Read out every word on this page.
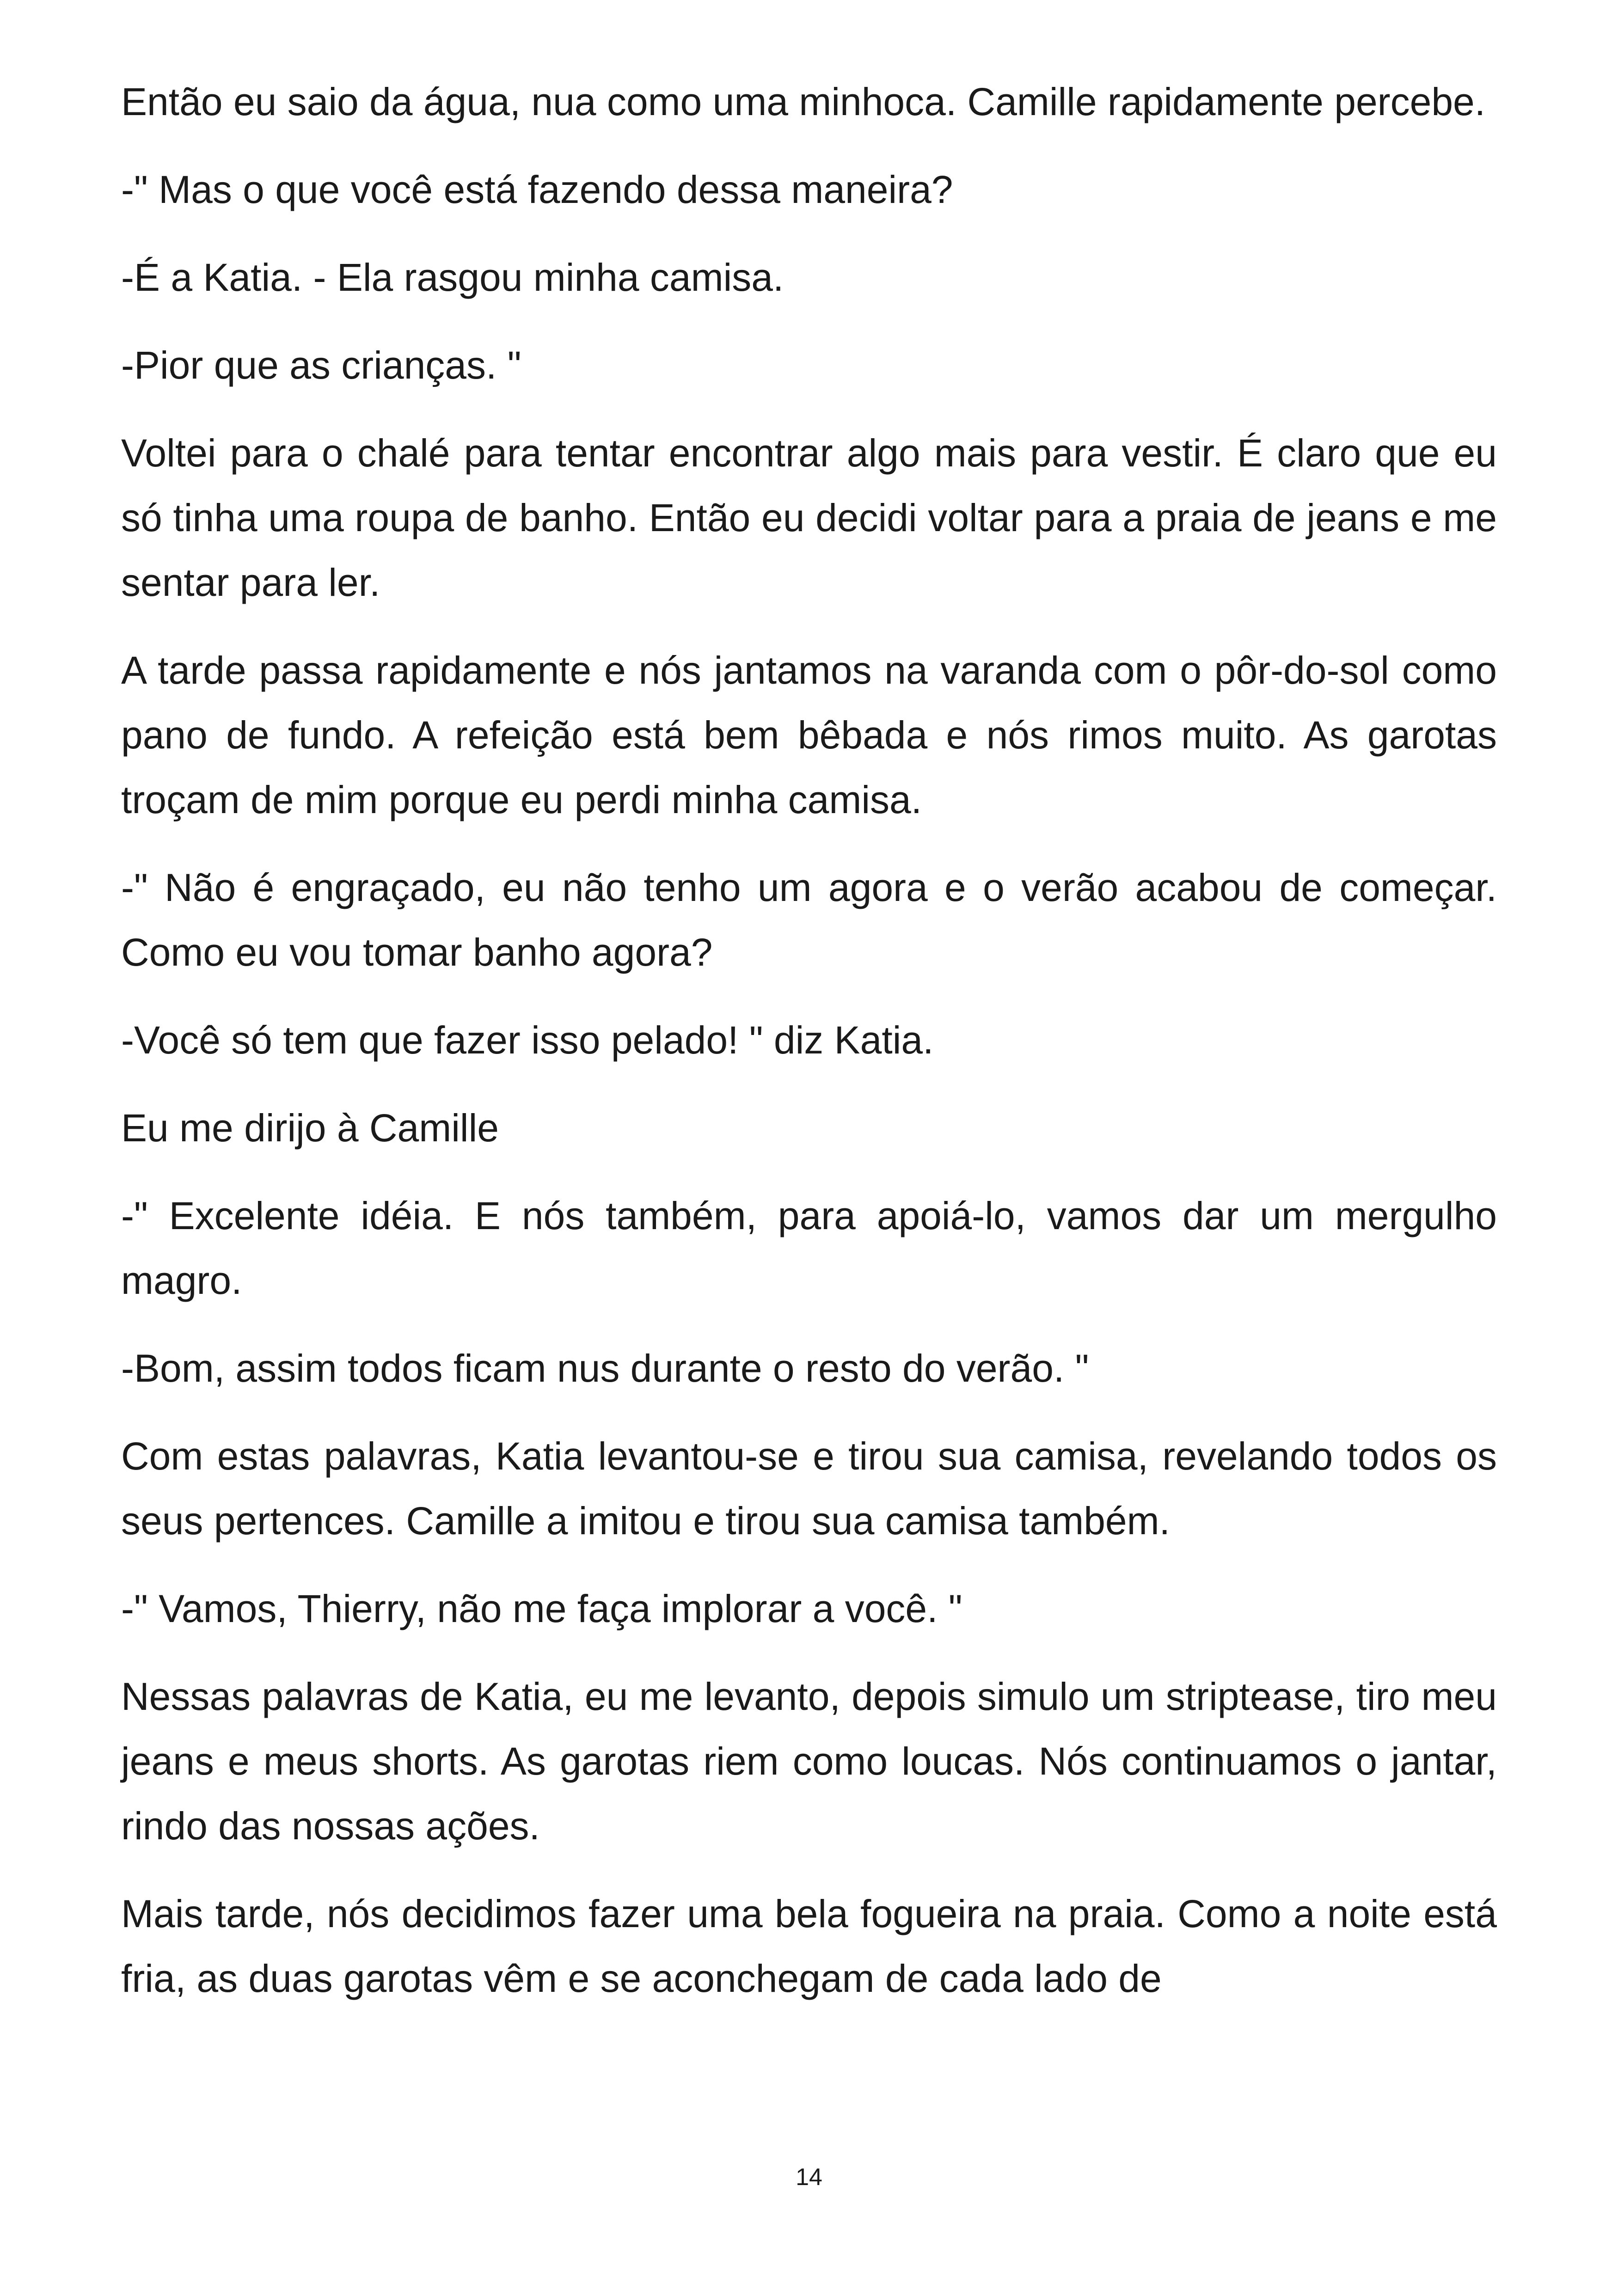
Então eu saio da água, nua como uma minhoca. Camille rapidamente percebe.

-" Mas o que você está fazendo dessa maneira?

-É a Katia. - Ela rasgou minha camisa.

-Pior que as crianças. "

Voltei para o chalé para tentar encontrar algo mais para vestir. É claro que eu só tinha uma roupa de banho. Então eu decidi voltar para a praia de jeans e me sentar para ler.

A tarde passa rapidamente e nós jantamos na varanda com o pôr-do-sol como pano de fundo. A refeição está bem bêbada e nós rimos muito. As garotas troçam de mim porque eu perdi minha camisa.

-" Não é engraçado, eu não tenho um agora e o verão acabou de começar. Como eu vou tomar banho agora?

-Você só tem que fazer isso pelado! " diz Katia.

Eu me dirijo à Camille

-" Excelente idéia. E nós também, para apoiá-lo, vamos dar um mergulho magro.

-Bom, assim todos ficam nus durante o resto do verão. "

Com estas palavras, Katia levantou-se e tirou sua camisa, revelando todos os seus pertences. Camille a imitou e tirou sua camisa também.

-" Vamos, Thierry, não me faça implorar a você. "

Nessas palavras de Katia, eu me levanto, depois simulo um striptease, tiro meu jeans e meus shorts. As garotas riem como loucas. Nós continuamos o jantar, rindo das nossas ações.

Mais tarde, nós decidimos fazer uma bela fogueira na praia. Como a noite está fria, as duas garotas vêm e se aconchegam de cada lado de

14
